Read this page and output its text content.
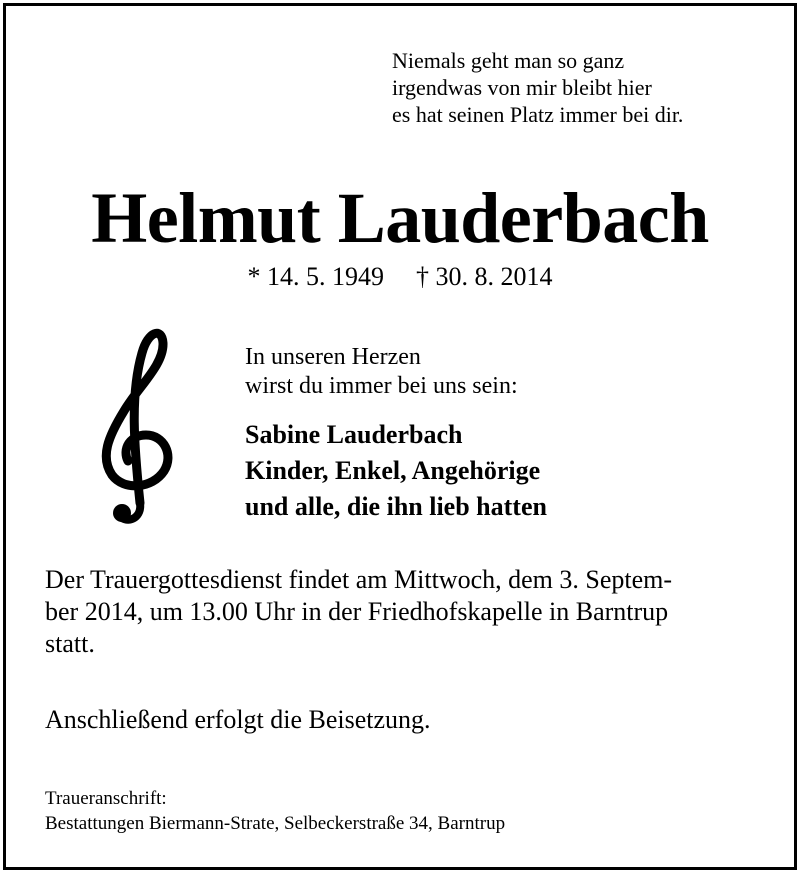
Niemals geht man so ganz
irgendwas von mir bleibt hier
es hat seinen Platz immer bei dir.
Helmut Lauderbach
* 14. 5. 1949 † 30. 8. 2014
In unseren Herzen
wirst du immer bei uns sein:
Sabine Lauderbach
Kinder, Enkel, Angehörige
und alle, die ihn lieb hatten
Der Trauergottesdienst findet am Mittwoch, dem 3. Septem-
ber 2014, um 13.00 Uhr in der Friedhofskapelle in Barntrup
statt.
Anschließend erfolgt die Beisetzung.
Traueranschrift:
Bestattungen Biermann-Strate, Selbeckerstraße 34, Barntrup
